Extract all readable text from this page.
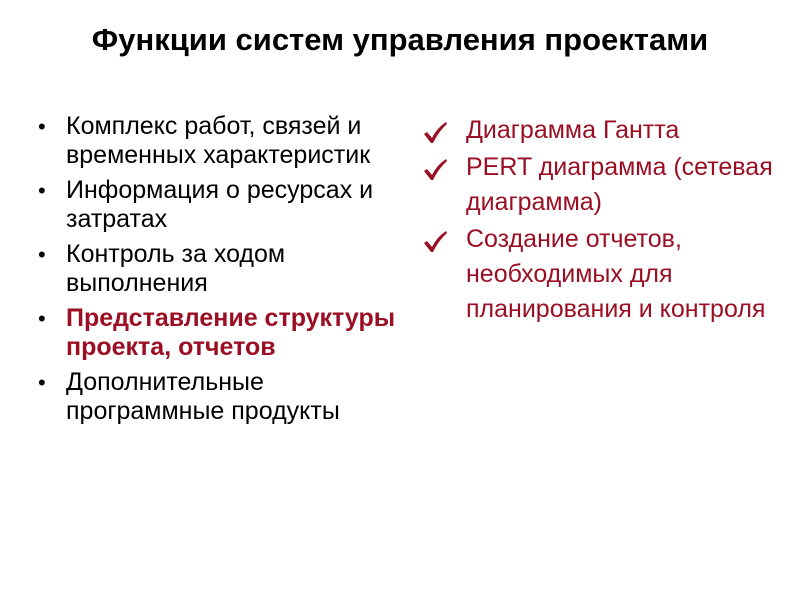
Функции систем управления проектами
• Комплекс работ, связей и временных характеристик
• Информация о ресурсах и затратах
• Контроль за ходом выполнения
• Представление структуры проекта, отчетов
• Дополнительные программные продукты
Диаграмма Гантта
PERT диаграмма (сетевая диаграмма)
Создание отчетов, необходимых для планирования и контроля
